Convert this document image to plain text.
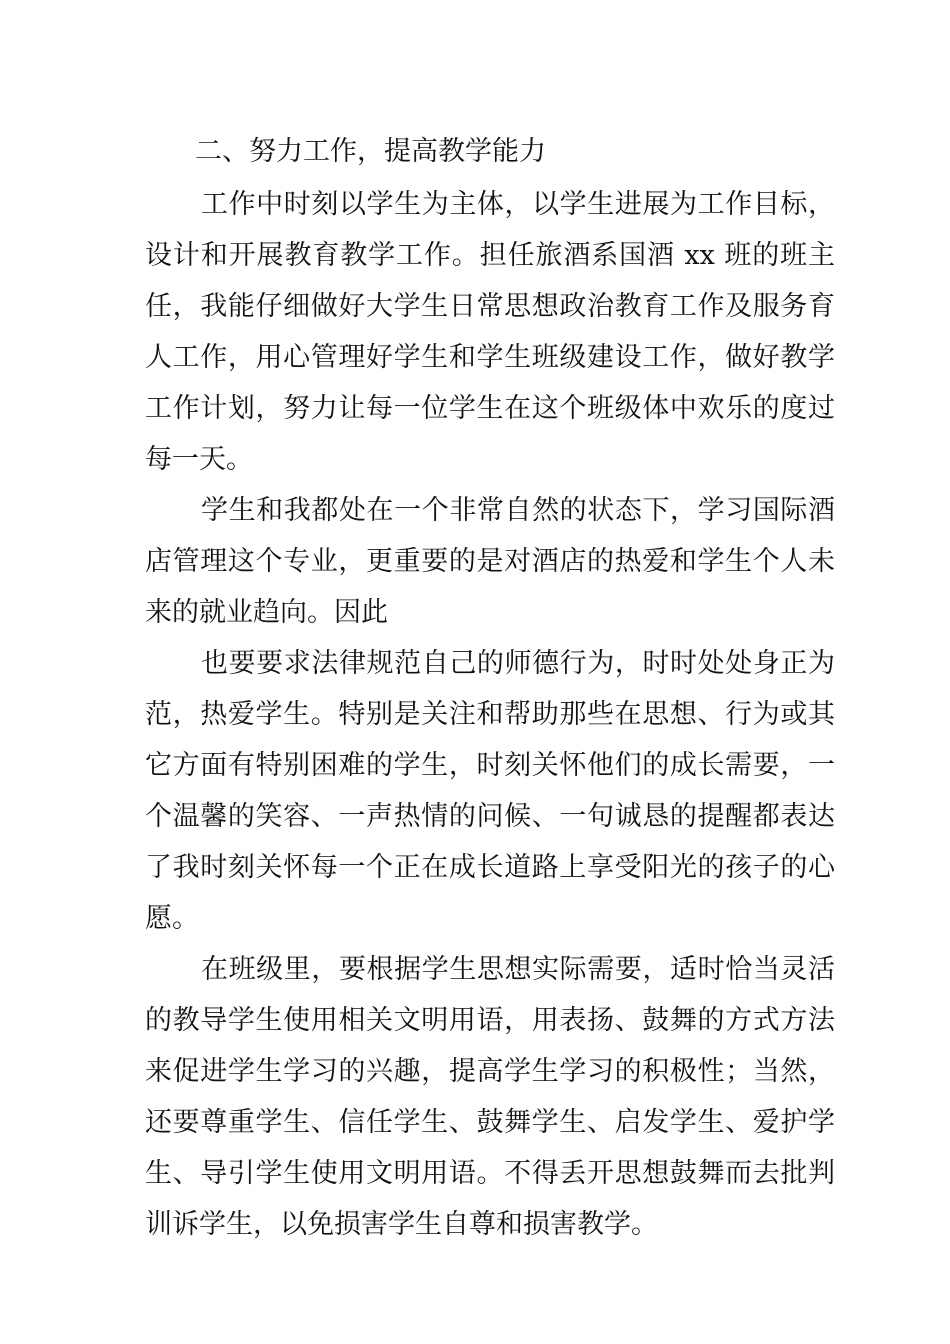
二、努力工作，提高教学能力

工作中时刻以学生为主体，以学生进展为工作目标，设计和开展教育教学工作。担任旅酒系国酒 xx 班的班主任，我能仔细做好大学生日常思想政治教育工作及服务育人工作，用心管理好学生和学生班级建设工作，做好教学工作计划，努力让每一位学生在这个班级体中欢乐的度过每一天。

学生和我都处在一个非常自然的状态下，学习国际酒店管理这个专业，更重要的是对酒店的热爱和学生个人未来的就业趋向。因此

也要要求法律规范自己的师德行为，时时处处身正为范，热爱学生。特别是关注和帮助那些在思想、行为或其它方面有特别困难的学生，时刻关怀他们的成长需要，一个温馨的笑容、一声热情的问候、一句诚恳的提醒都表达了我时刻关怀每一个正在成长道路上享受阳光的孩子的心愿。

在班级里，要根据学生思想实际需要，适时恰当灵活的教导学生使用相关文明用语，用表扬、鼓舞的方式方法来促进学生学习的兴趣，提高学生学习的积极性；当然，还要尊重学生、信任学生、鼓舞学生、启发学生、爱护学生、导引学生使用文明用语。不得丢开思想鼓舞而去批判训诉学生，以免损害学生自尊和损害教学。
